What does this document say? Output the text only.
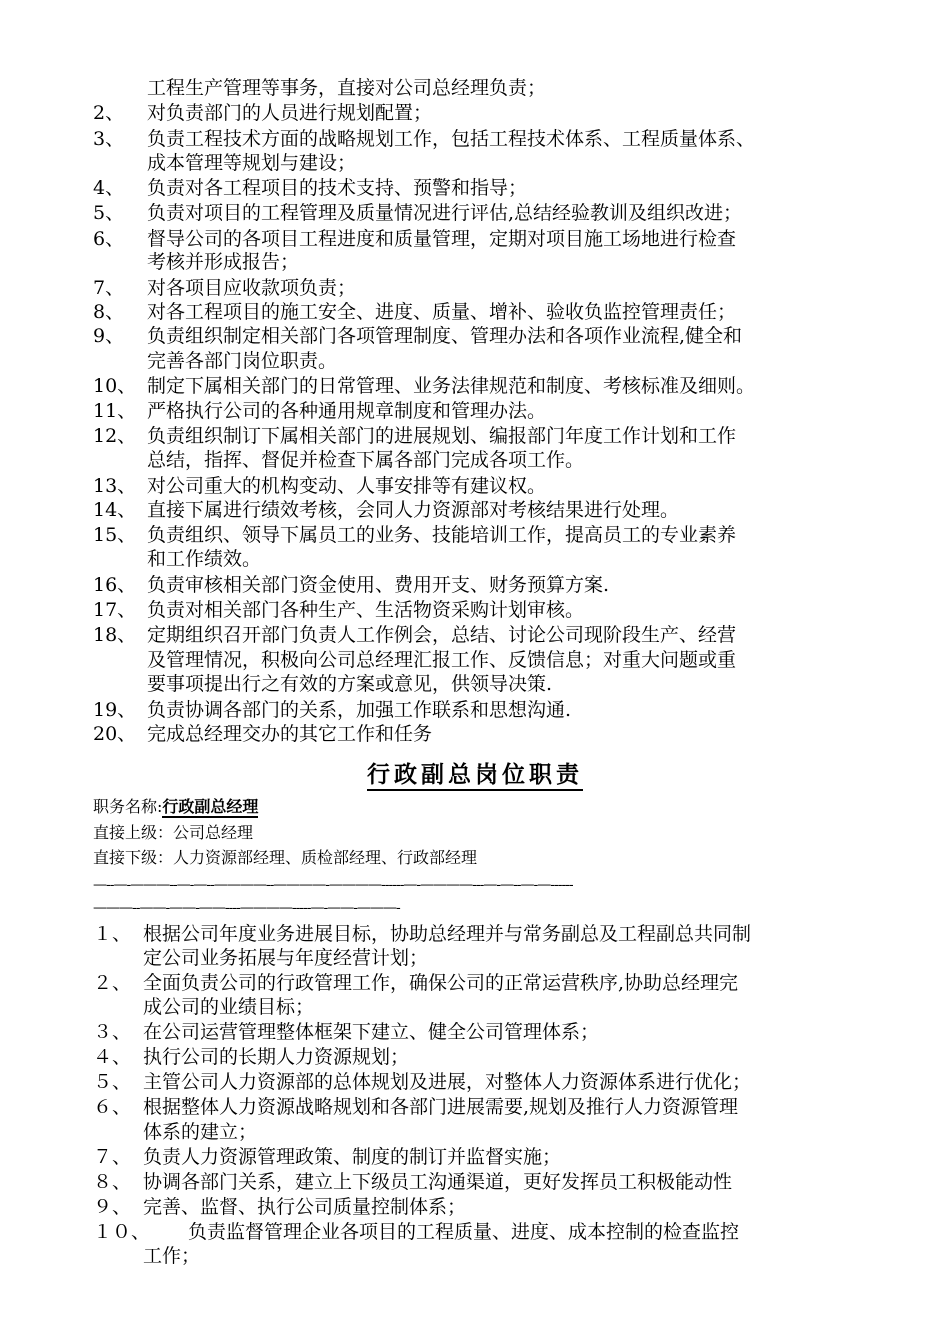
工程生产管理等事务，直接对公司总经理负责；
2、 对负责部门的人员进行规划配置；
3、 负责工程技术方面的战略规划工作，包括工程技术体系、工程质量体系、
成本管理等规划与建设；
4、 负责对各工程项目的技术支持、预警和指导；
5、 负责对项目的工程管理及质量情况进行评估,总结经验教训及组织改进；
6、 督导公司的各项目工程进度和质量管理，定期对项目施工场地进行检查
考核并形成报告；
7、 对各项目应收款项负责；
8、 对各工程项目的施工安全、进度、质量、增补、验收负监控管理责任；
9、 负责组织制定相关部门各项管理制度、管理办法和各项作业流程,健全和
完善各部门岗位职责。
10、 制定下属相关部门的日常管理、业务法律规范和制度、考核标准及细则。
11、 严格执行公司的各种通用规章制度和管理办法。
12、 负责组织制订下属相关部门的进展规划、编报部门年度工作计划和工作
总结，指挥、督促并检查下属各部门完成各项工作。
13、 对公司重大的机构变动、人事安排等有建议权。
14、 直接下属进行绩效考核，会同人力资源部对考核结果进行处理。
15、 负责组织、领导下属员工的业务、技能培训工作，提高员工的专业素养
和工作绩效。
16、 负责审核相关部门资金使用、费用开支、财务预算方案.
17、 负责对相关部门各种生产、生活物资采购计划审核。
18、 定期组织召开部门负责人工作例会，总结、讨论公司现阶段生产、经营
及管理情况，积极向公司总经理汇报工作、反馈信息；对重大问题或重
要事项提出行之有效的方案或意见，供领导决策.
19、 负责协调各部门的关系，加强工作联系和思想沟通.
20、 完成总经理交办的其它工作和任务
行政副总岗位职责
职务名称:行政副总经理
直接上级：公司总经理
直接下级：人力资源部经理、质检部经理、行政部经理
—--—-———--—-—--————--————-————------—-————---—-—--—-—------
———--——-——-——----————-----—-——-———-
１、 根据公司年度业务进展目标，协助总经理并与常务副总及工程副总共同制
定公司业务拓展与年度经营计划；
２、 全面负责公司的行政管理工作，确保公司的正常运营秩序,协助总经理完
成公司的业绩目标；
３、 在公司运营管理整体框架下建立、健全公司管理体系；
４、 执行公司的长期人力资源规划；
５、 主管公司人力资源部的总体规划及进展，对整体人力资源体系进行优化；
６、 根据整体人力资源战略规划和各部门进展需要,规划及推行人力资源管理
体系的建立；
７、 负责人力资源管理政策、制度的制订并监督实施；
８、 协调各部门关系，建立上下级员工沟通渠道，更好发挥员工积极能动性
９、 完善、监督、执行公司质量控制体系；
１０、 负责监督管理企业各项目的工程质量、进度、成本控制的检查监控
工作；
